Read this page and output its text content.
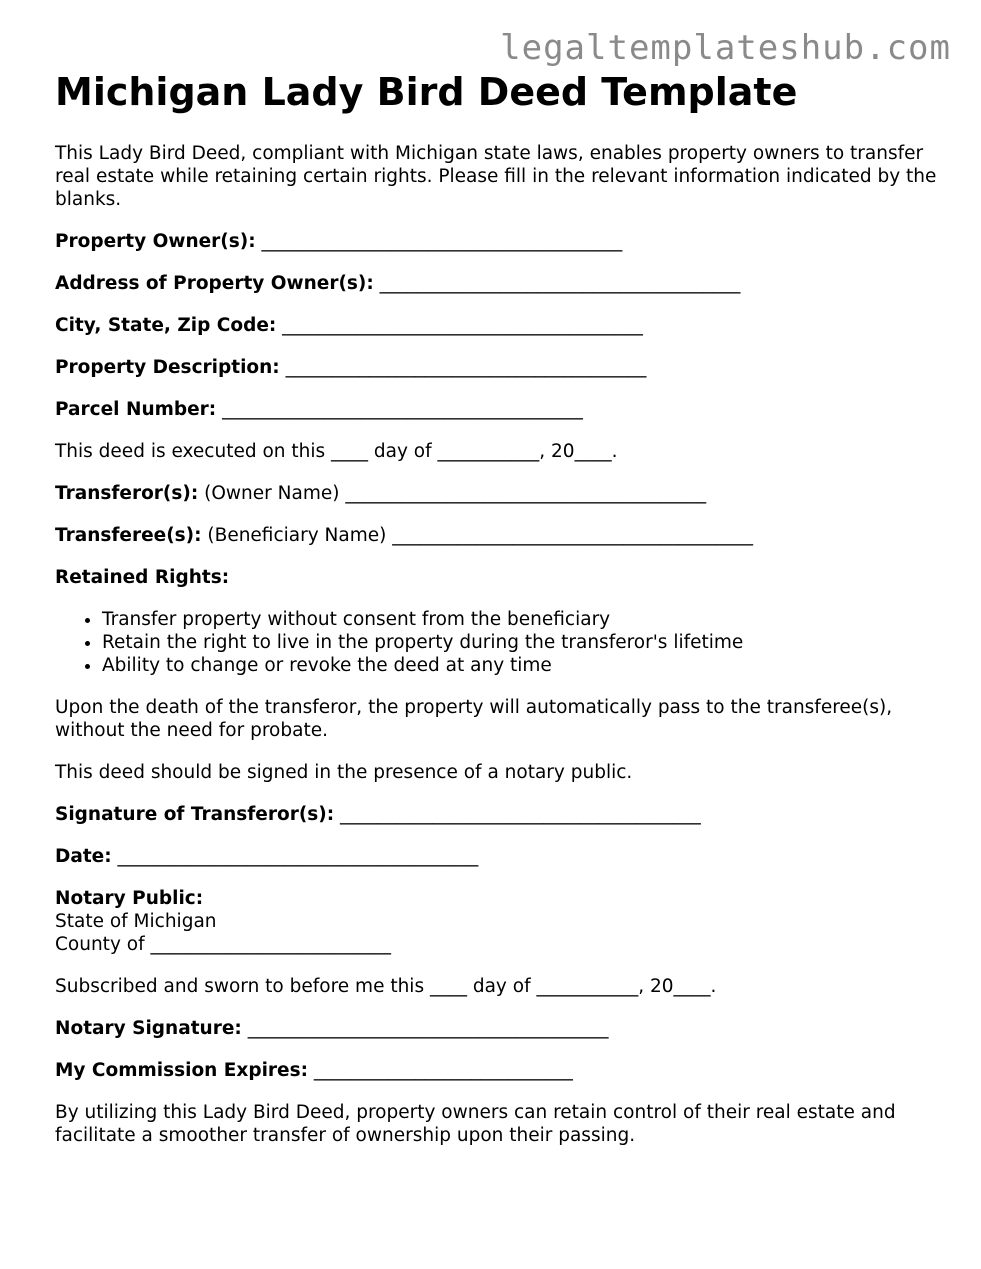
legaltemplateshub.com
Michigan Lady Bird Deed Template

This Lady Bird Deed, compliant with Michigan state laws, enables property owners to transfer real estate while retaining certain rights. Please fill in the relevant information indicated by the blanks.

Property Owner(s): _______________________________________

Address of Property Owner(s): _______________________________________

City, State, Zip Code: _______________________________________

Property Description: _______________________________________

Parcel Number: _______________________________________

This deed is executed on this ____ day of ___________, 20____.

Transferor(s): (Owner Name) _______________________________________

Transferee(s): (Beneficiary Name) _______________________________________

Retained Rights:

• Transfer property without consent from the beneficiary
• Retain the right to live in the property during the transferor's lifetime
• Ability to change or revoke the deed at any time

Upon the death of the transferor, the property will automatically pass to the transferee(s), without the need for probate.

This deed should be signed in the presence of a notary public.

Signature of Transferor(s): _______________________________________

Date: _______________________________________

Notary Public:
State of Michigan
County of __________________________

Subscribed and sworn to before me this ____ day of ___________, 20____.

Notary Signature: _______________________________________

My Commission Expires: ____________________________

By utilizing this Lady Bird Deed, property owners can retain control of their real estate and facilitate a smoother transfer of ownership upon their passing.
